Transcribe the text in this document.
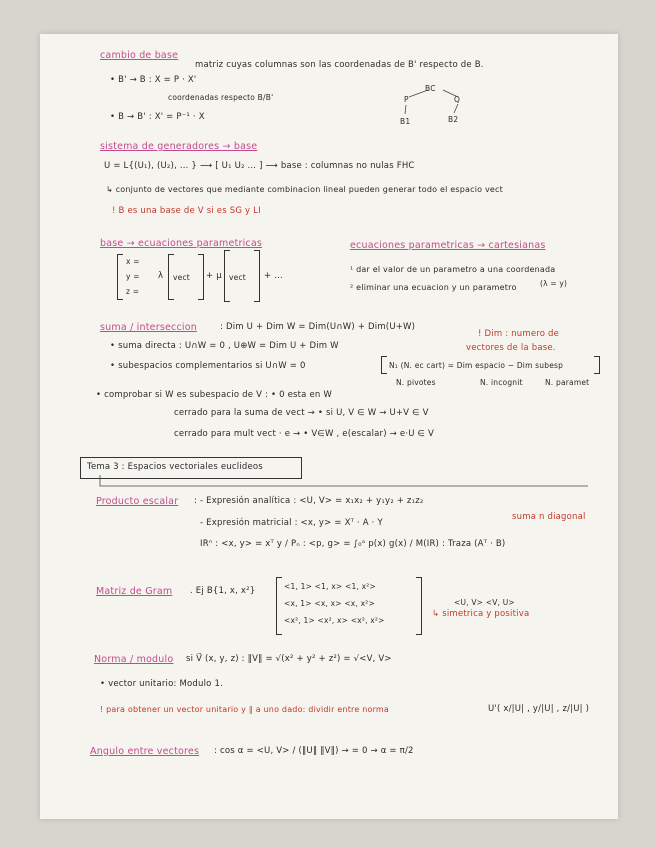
cambio de base
matriz cuyas columnas son las coordenadas de B' respecto de B.
• B' → B : X = P · X'
coordenadas respecto B/B'
• B → B' : X' = P⁻¹ · X
P
BC
Q
B1	B2
sistema de generadores → base
U = L{(U₁), (U₂), ... } ⟶ [ U₁ U₂ ... ] ⟶ base : columnas no nulas FHC
↳ conjunto de vectores que mediante combinacion lineal pueden generar todo el espacio vect
! B es una base de V si es SG y LI
base → ecuaciones parametricas	ecuaciones parametricas → cartesianas
x =
y =
z =
λ vect + μ vect + ...
¹ dar el valor de un parametro a una coordenada
(λ = y)
² eliminar una ecuacion y un parametro
suma / interseccion	: Dim U + Dim W = Dim(U∩W) + Dim(U+W)
• suma directa : U∩W = 0 , U⊕W = Dim U + Dim W
• subespacios complementarios si U∩W = 0
! Dim : numero de
vectores de la base.
N₁ (N. ec cart) = Dim espacio − Dim subesp
N. pivotes	N. incognit	N. paramet
• comprobar si W es subespacio de V : • 0 esta en W
cerrado para la suma de vect → • si U, V ∈ W → U+V ∈ V
cerrado para mult vect · e → • V∈W , e(escalar) → e·U ∈ V
Tema 3 : Espacios vectoriales euclideos
Producto escalar : - Expresión analítica : <U, V> = x₁x₂ + y₁y₂ + z₁z₂
- Expresión matricial : <x, y> = Xᵀ · A · Y
suma n diagonal
IRⁿ : <x, y> = xᵀ y / Pₙ : <p, g> = ∫₀ᵃ p(x) g(x) / M(IR) : Traza (Aᵀ · B)
Matriz de Gram . Ej B{1, x, x²}	<1, 1> <1, x> <1, x²>
<x, 1> <x, x> <x, x²>
<x², 1> <x², x> <x², x²>
<U, V> <V, U>
↳ simetrica y positiva
Norma / modulo si V⃗ (x, y, z) : ‖V‖ = √(x² + y² + z²) = √<V, V>
• vector unitario: Modulo 1.
! para obtener un vector unitario y ∥ a uno dado: dividir entre norma	U'( x/|U| , y/|U| , z/|U| )
Angulo entre vectores : cos α = <U, V> / (‖U‖ ‖V‖) → = 0 → α = π/2
